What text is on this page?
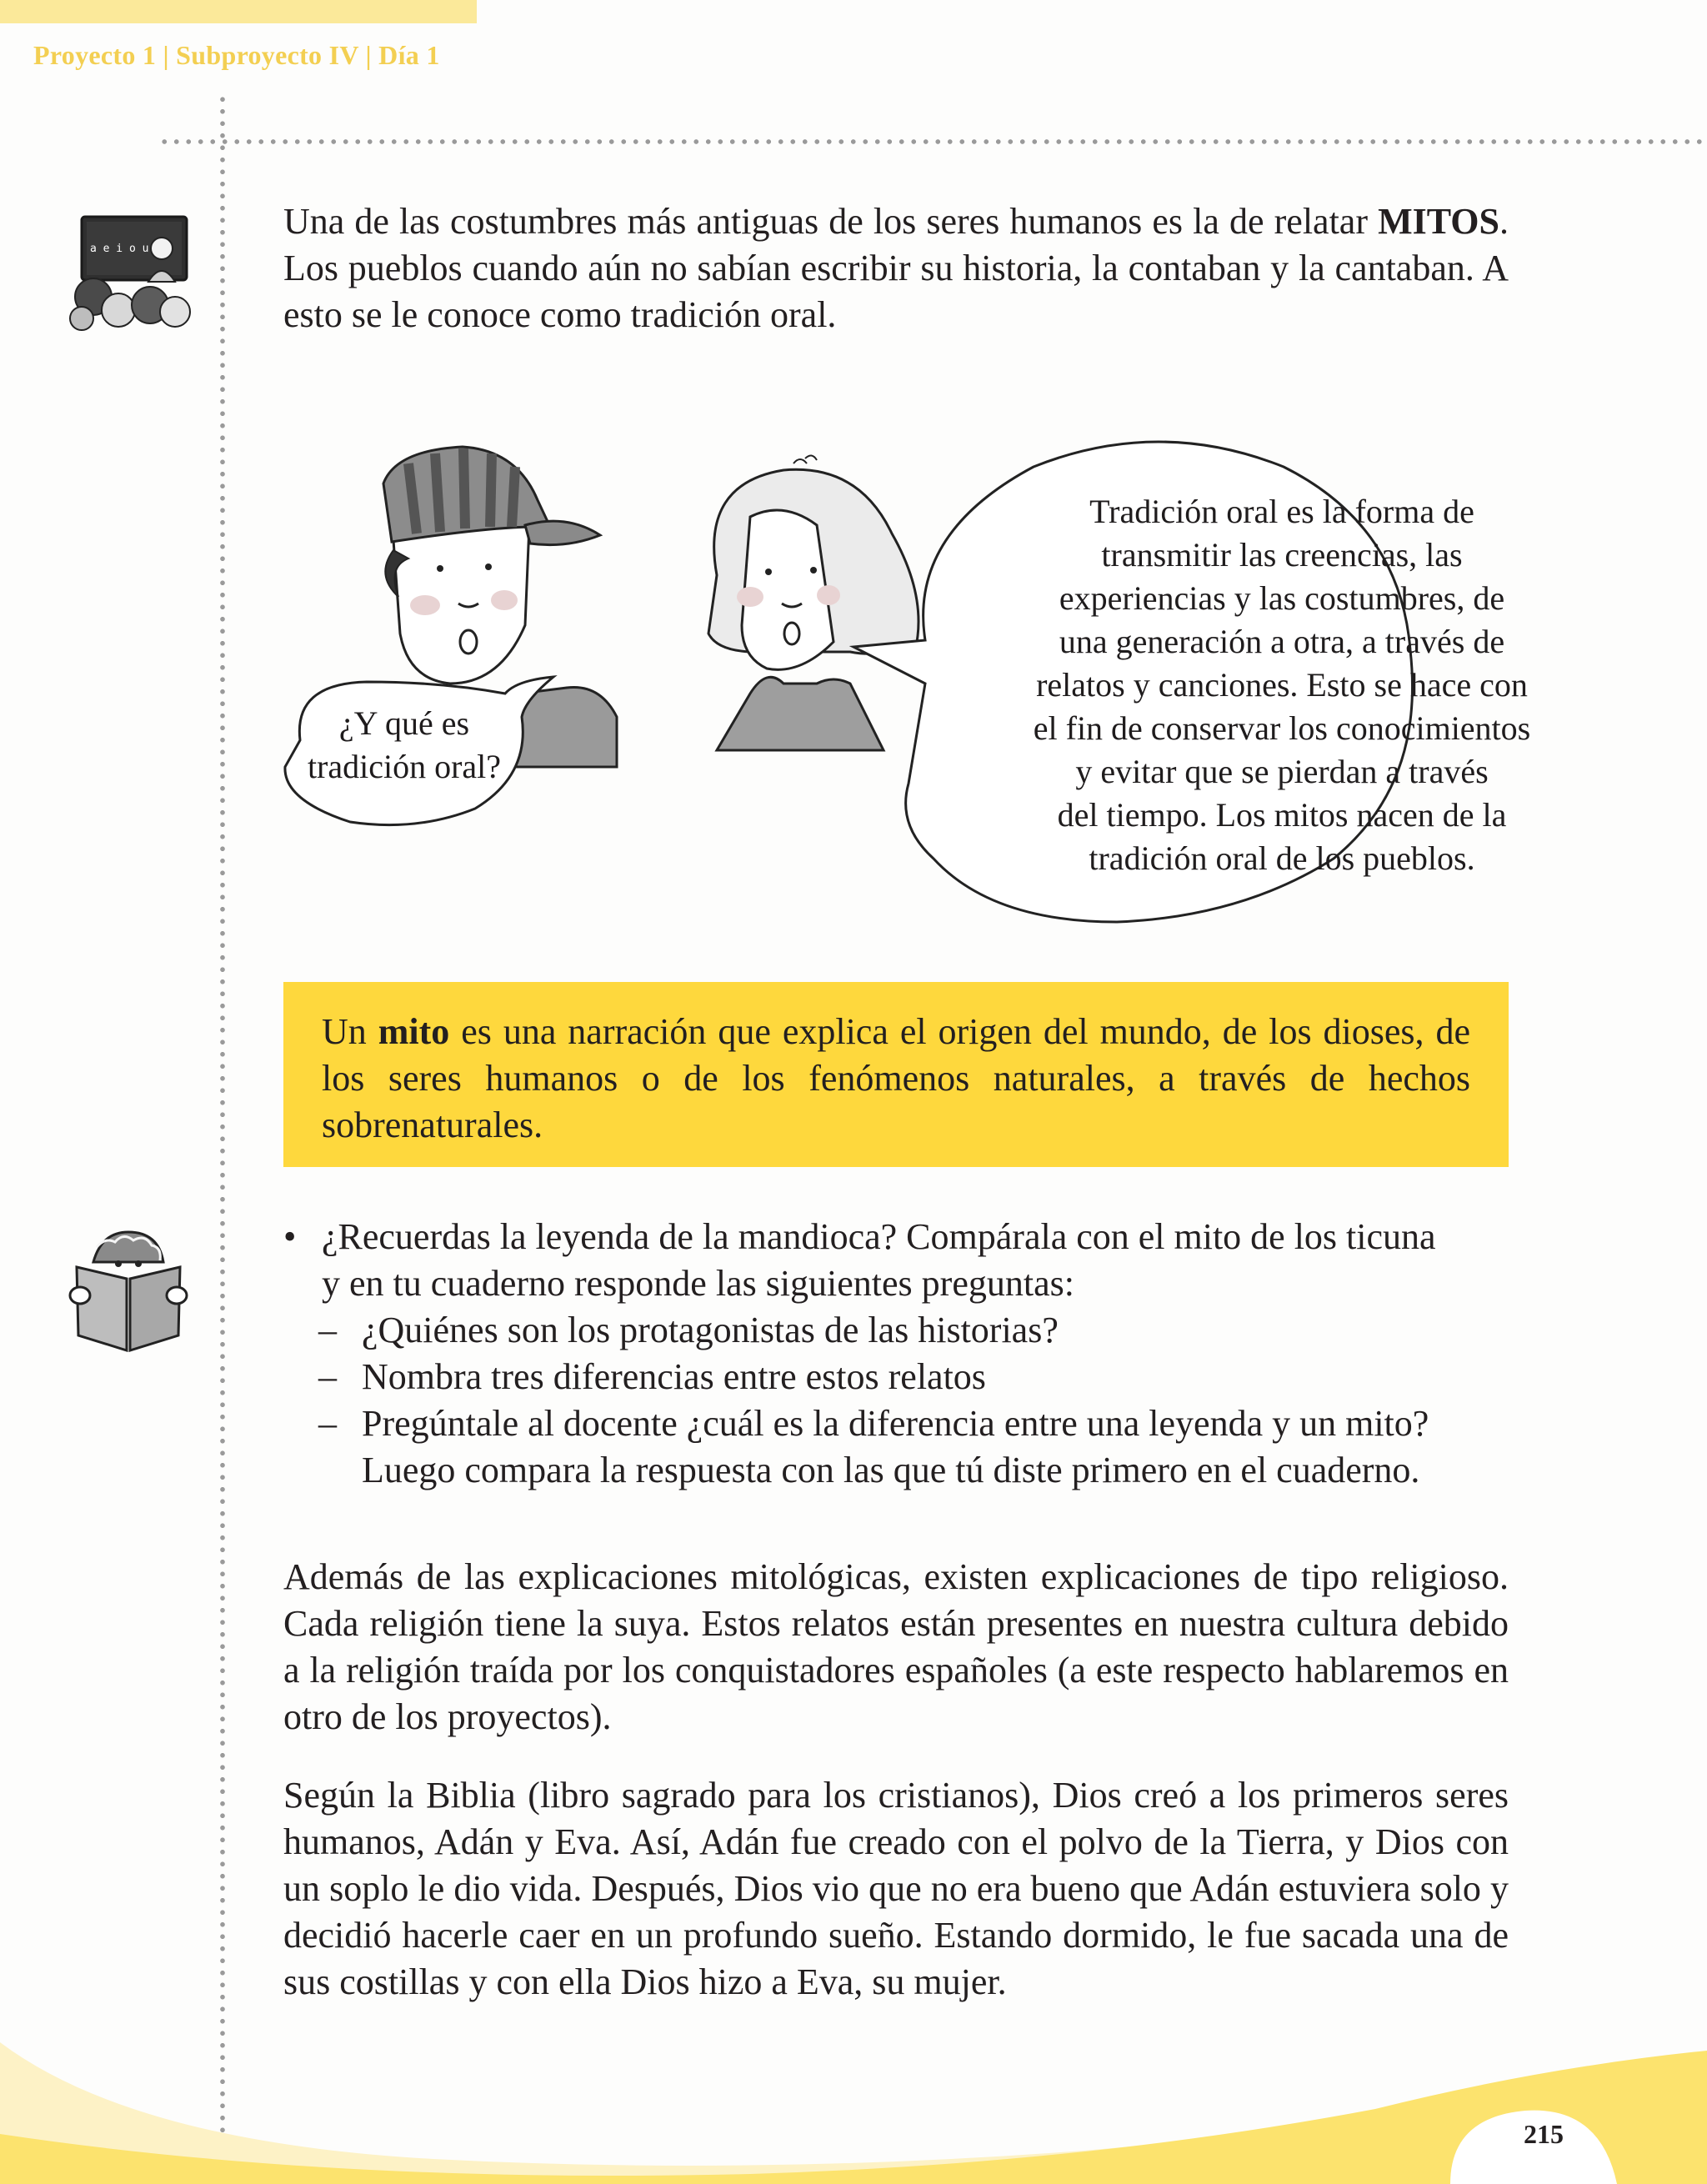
Proyecto 1 | Subproyecto IV | Día 1
a e i o u

Una de las costumbres más antiguas de los seres humanos es la de relatar MITOS. Los pueblos cuando aún no sabían escribir su historia, la contaban y la cantaban. A esto se le conoce como tradición oral.

¿Y qué es
tradición oral?
Tradición oral es la forma de
transmitir las creencias, las
experiencias y las costumbres, de
una generación a otra, a través de
relatos y canciones. Esto se hace con
el fin de conservar los conocimientos
y evitar que se pierdan a través
del tiempo. Los mitos nacen de la
tradición oral de los pueblos.

Un mito es una narración que explica el origen del mundo, de los dioses, de los seres humanos o de los fenómenos naturales, a través de hechos sobrenaturales.

• ¿Recuerdas la leyenda de la mandioca? Compárala con el mito de los ticuna
y en tu cuaderno responde las siguientes preguntas:
– ¿Quiénes son los protagonistas de las historias?
– Nombra tres diferencias entre estos relatos
– Pregúntale al docente ¿cuál es la diferencia entre una leyenda y un mito?
Luego compara la respuesta con las que tú diste primero en el cuaderno.

Además de las explicaciones mitológicas, existen explicaciones de tipo religioso. Cada religión tiene la suya. Estos relatos están presentes en nuestra cultura debido a la religión traída por los conquistadores españoles (a este respecto hablaremos en otro de los proyectos).

Según la Biblia (libro sagrado para los cristianos), Dios creó a los primeros seres humanos, Adán y Eva. Así, Adán fue creado con el polvo de la Tierra, y Dios con un soplo le dio vida. Después, Dios vio que no era bueno que Adán estuviera solo y decidió hacerle caer en un profundo sueño. Estando dormido, le fue sacada una de sus costillas y con ella Dios hizo a Eva, su mujer.

215
